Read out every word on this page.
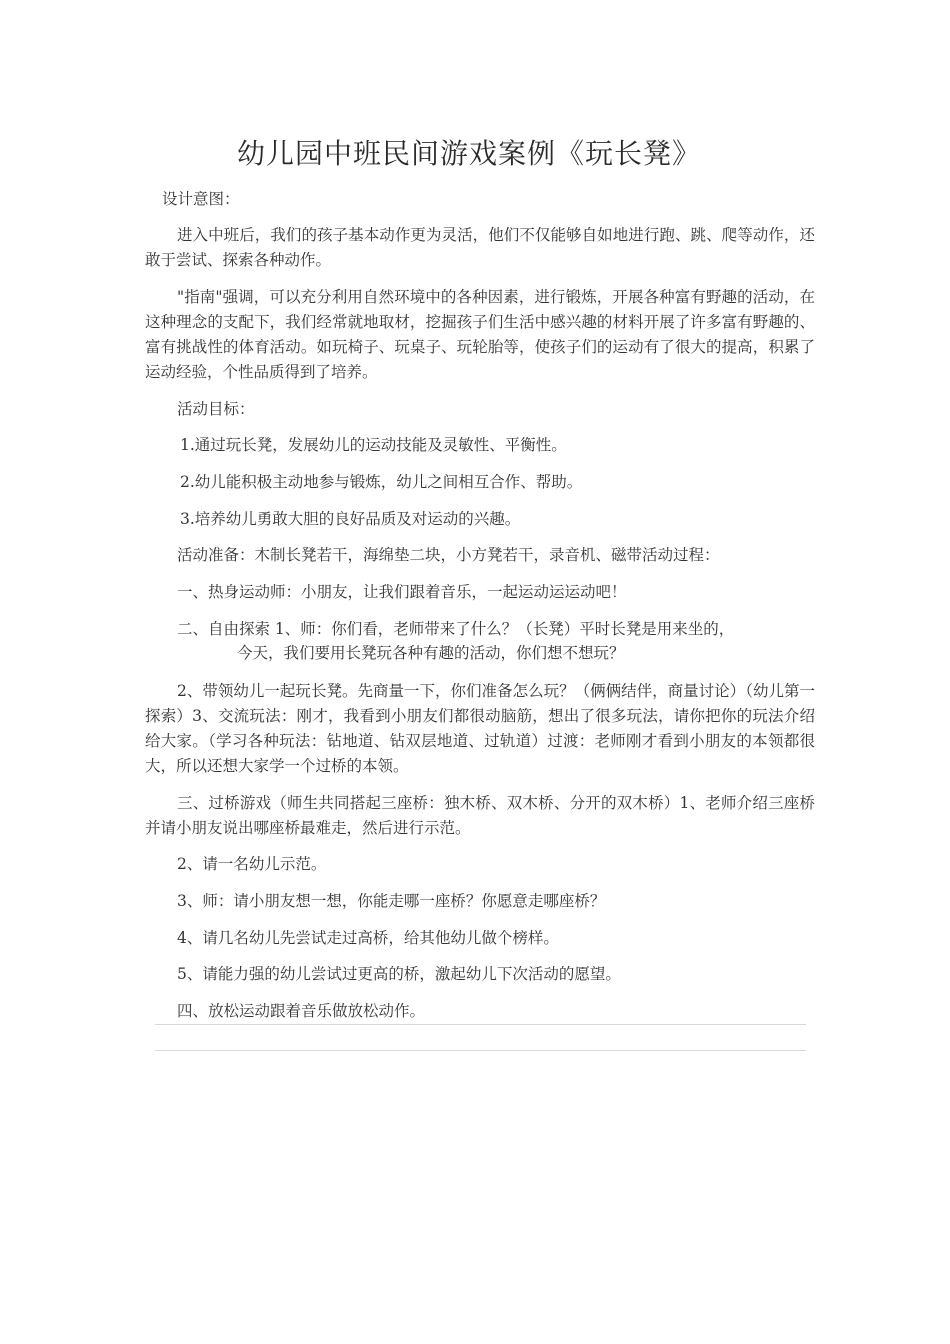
幼儿园中班民间游戏案例《玩长凳》
设计意图：
进入中班后，我们的孩子基本动作更为灵活，他们不仅能够自如地进行跑、跳、爬等动作，还敢于尝试、探索各种动作。
"指南"强调，可以充分利用自然环境中的各种因素，进行锻炼，开展各种富有野趣的活动，在这种理念的支配下，我们经常就地取材，挖掘孩子们生活中感兴趣的材料开展了许多富有野趣的、富有挑战性的体育活动。如玩椅子、玩桌子、玩轮胎等，使孩子们的运动有了很大的提高，积累了运动经验，个性品质得到了培养。
活动目标：
1.通过玩长凳，发展幼儿的运动技能及灵敏性、平衡性。
2.幼儿能积极主动地参与锻炼，幼儿之间相互合作、帮助。
3.培养幼儿勇敢大胆的良好品质及对运动的兴趣。
活动准备：木制长凳若干，海绵垫二块，小方凳若干，录音机、磁带活动过程：
一、热身运动师：小朋友，让我们跟着音乐，一起运动运运动吧！
二、自由探索 1、师：你们看，老师带来了什么？（长凳）平时长凳是用来坐的，
今天，我们要用长凳玩各种有趣的活动，你们想不想玩？
2、带领幼儿一起玩长凳。先商量一下，你们准备怎么玩？（俩俩结伴，商量讨论）（幼儿第一探索）3、交流玩法：刚才，我看到小朋友们都很动脑筋，想出了很多玩法，请你把你的玩法介绍给大家。（学习各种玩法：钻地道、钻双层地道、过轨道）过渡：老师刚才看到小朋友的本领都很大，所以还想大家学一个过桥的本领。
三、过桥游戏（师生共同搭起三座桥：独木桥、双木桥、分开的双木桥）1、老师介绍三座桥并请小朋友说出哪座桥最难走，然后进行示范。
2、请一名幼儿示范。
3、师：请小朋友想一想，你能走哪一座桥？你愿意走哪座桥？
4、请几名幼儿先尝试走过高桥，给其他幼儿做个榜样。
5、请能力强的幼儿尝试过更高的桥，激起幼儿下次活动的愿望。
四、放松运动跟着音乐做放松动作。
